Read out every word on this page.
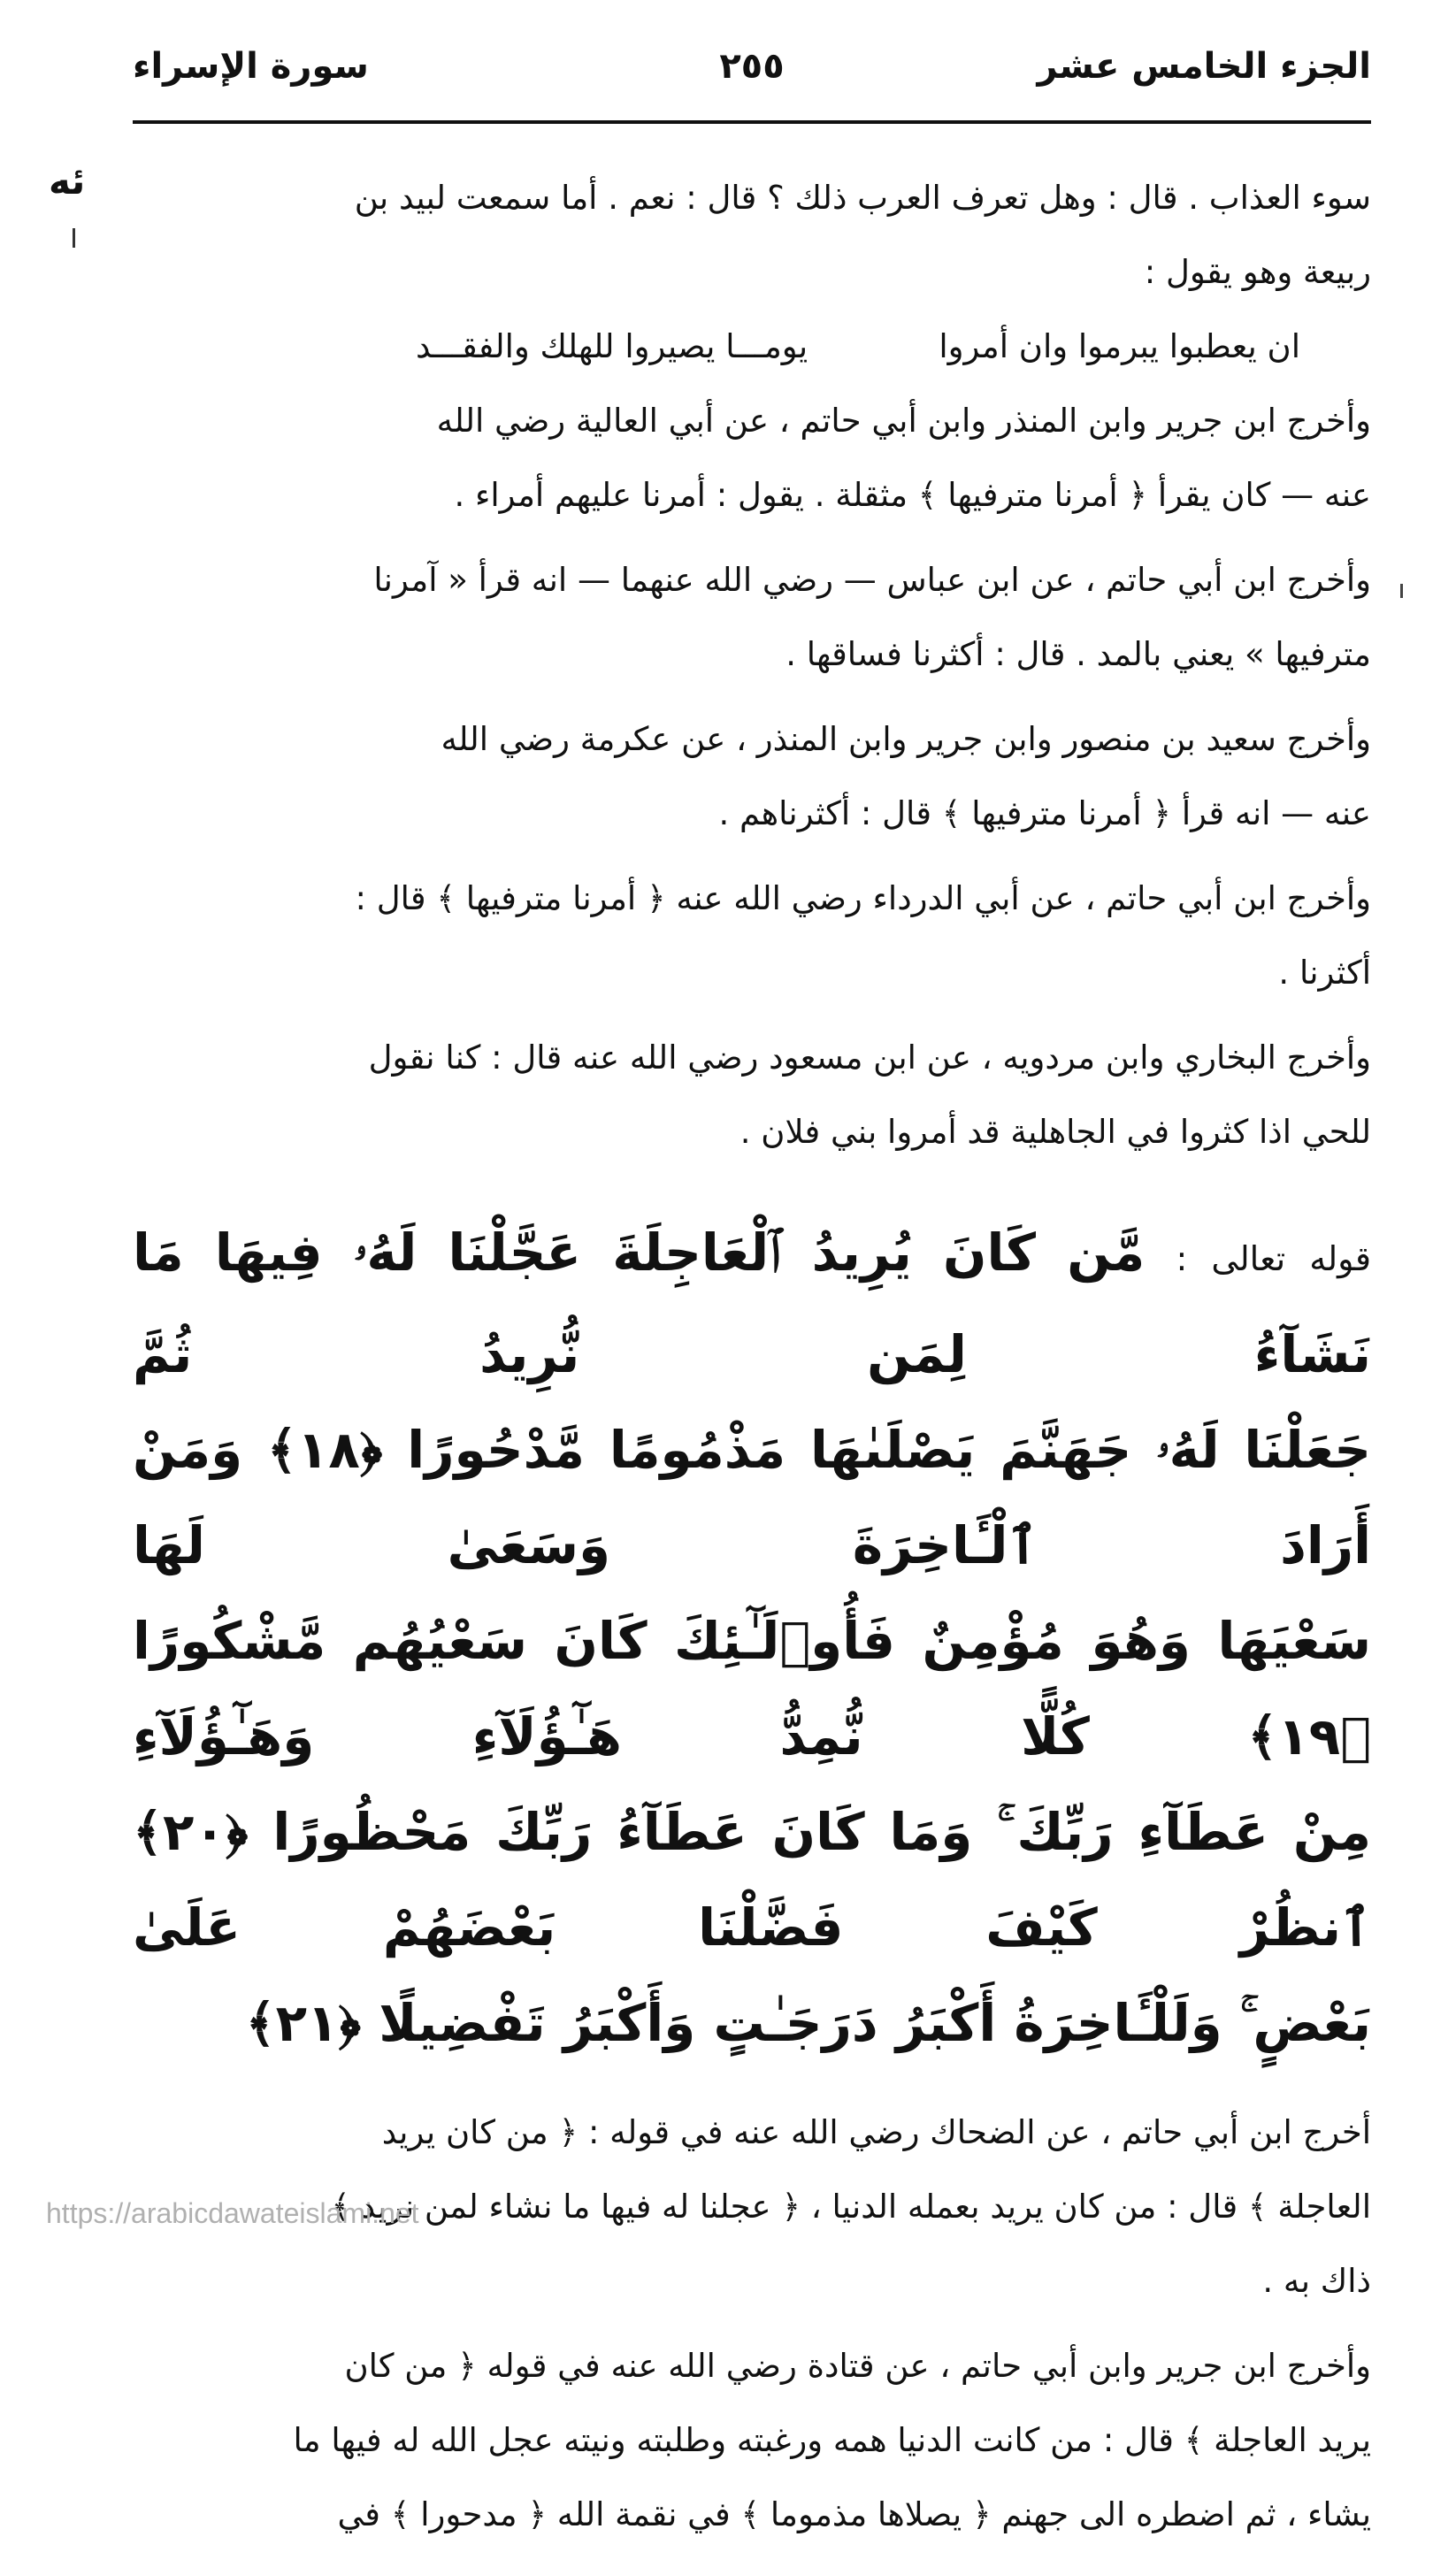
الجزء الخامس عشر
٢٥٥
سورة الإسراء
ئه	سوء العذاب . قال : وهل تعرف العرب ذلك ؟ قال : نعم . أما سمعت لبيد بن

ربيعة وهو يقول :

ان يعطبوا يبرموا وان أمروا
يومـــا يصيروا للهلك والفقـــد

وأخرج ابن جرير وابن المنذر وابن أبي حاتم ، عن أبي العالية رضي الله

عنه — كان يقرأ ﴿ أمرنا مترفيها ﴾ مثقلة . يقول : أمرنا عليهم أمراء .

وأخرج ابن أبي حاتم ، عن ابن عباس — رضي الله عنهما — انه قرأ « آمرنا

مترفيها » يعني بالمد . قال : أكثرنا فساقها .

وأخرج سعيد بن منصور وابن جرير وابن المنذر ، عن عكرمة رضي الله

عنه — انه قرأ ﴿ أمرنا مترفيها ﴾ قال : أكثرناهم .

وأخرج ابن أبي حاتم ، عن أبي الدرداء رضي الله عنه ﴿ أمرنا مترفيها ﴾ قال :

أكثرنا .

وأخرج البخاري وابن مردويه ، عن ابن مسعود رضي الله عنه قال : كنا نقول

للحي اذا كثروا في الجاهلية قد أمروا بني فلان .

قوله تعالى : مَّن كَانَ يُرِيدُ ٱلْعَاجِلَةَ عَجَّلْنَا لَهُۥ فِيهَا مَا نَشَآءُ لِمَن نُّرِيدُ ثُمَّ

جَعَلْنَا لَهُۥ جَهَنَّمَ يَصْلَىٰهَا مَذْمُومًا مَّدْحُورًا ﴿١٨﴾ وَمَنْ أَرَادَ ٱلْـَٔاخِرَةَ وَسَعَىٰ لَهَا

سَعْيَهَا وَهُوَ مُؤْمِنٌ فَأُو۟لَـٰٓئِكَ كَانَ سَعْيُهُم مَّشْكُورًا ﴿١٩﴾ كُلًّا نُّمِدُّ هَـٰٓؤُلَآءِ وَهَـٰٓؤُلَآءِ

مِنْ عَطَآءِ رَبِّكَ ۚ وَمَا كَانَ عَطَآءُ رَبِّكَ مَحْظُورًا ﴿٢٠﴾ ٱنظُرْ كَيْفَ فَضَّلْنَا بَعْضَهُمْ عَلَىٰ

بَعْضٍ ۚ وَلَلْـَٔاخِرَةُ أَكْبَرُ دَرَجَـٰتٍ وَأَكْبَرُ تَفْضِيلًا ﴿٢١﴾

أخرج ابن أبي حاتم ، عن الضحاك رضي الله عنه في قوله : ﴿ من كان يريد

العاجلة ﴾ قال : من كان يريد بعمله الدنيا ، ﴿ عجلنا له فيها ما نشاء لمن نريد ﴾

ذاك به .

وأخرج ابن جرير وابن أبي حاتم ، عن قتادة رضي الله عنه في قوله ﴿ من كان

يريد العاجلة ﴾ قال : من كانت الدنيا همه ورغبته وطلبته ونيته عجل الله له فيها ما

يشاء ، ثم اضطره الى جهنم ﴿ يصلاها مذموما ﴾ في نقمة الله ﴿ مدحورا ﴾ في

https://arabicdawateislami.net
